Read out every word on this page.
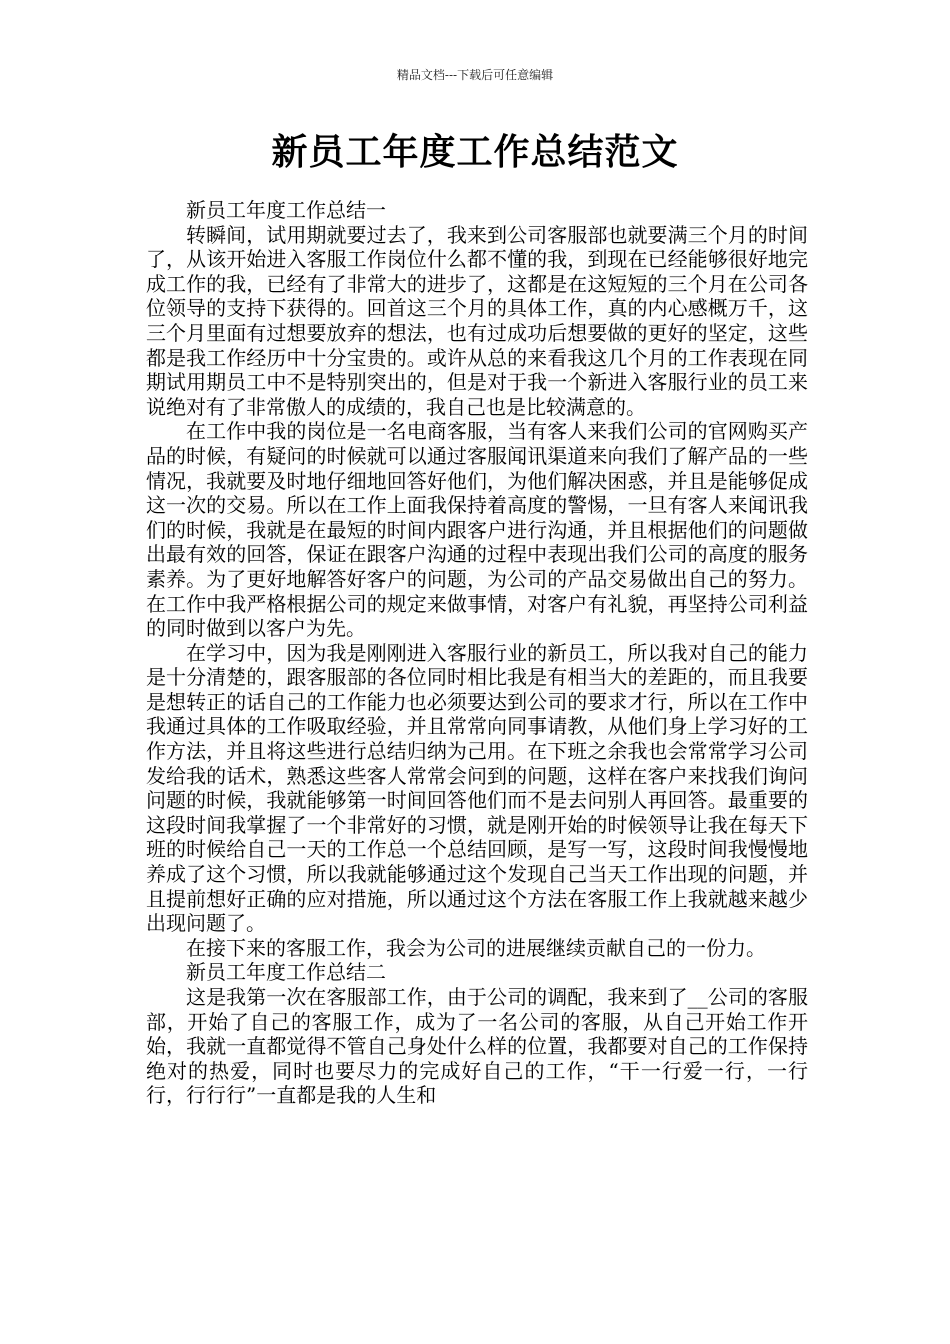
精品文档---下载后可任意编辑
新员工年度工作总结范文

新员工年度工作总结一

转瞬间，试用期就要过去了，我来到公司客服部也就要满三个月的时间了，从该开始进入客服工作岗位什么都不懂的我，到现在已经能够很好地完成工作的我，已经有了非常大的进步了，这都是在这短短的三个月在公司各位领导的支持下获得的。回首这三个月的具体工作，真的内心感概万千，这三个月里面有过想要放弃的想法，也有过成功后想要做的更好的坚定，这些都是我工作经历中十分宝贵的。或许从总的来看我这几个月的工作表现在同期试用期员工中不是特别突出的，但是对于我一个新进入客服行业的员工来说绝对有了非常傲人的成绩的，我自己也是比较满意的。

在工作中我的岗位是一名电商客服，当有客人来我们公司的官网购买产品的时候，有疑问的时候就可以通过客服闻讯渠道来向我们了解产品的一些情况，我就要及时地仔细地回答好他们，为他们解决困惑，并且是能够促成这一次的交易。所以在工作上面我保持着高度的警惕，一旦有客人来闻讯我们的时候，我就是在最短的时间内跟客户进行沟通，并且根据他们的问题做出最有效的回答，保证在跟客户沟通的过程中表现出我们公司的高度的服务素养。为了更好地解答好客户的问题，为公司的产品交易做出自己的努力。在工作中我严格根据公司的规定来做事情，对客户有礼貌，再坚持公司利益的同时做到以客户为先。

在学习中，因为我是刚刚进入客服行业的新员工，所以我对自己的能力是十分清楚的，跟客服部的各位同时相比我是有相当大的差距的，而且我要是想转正的话自己的工作能力也必须要达到公司的要求才行，所以在工作中我通过具体的工作吸取经验，并且常常向同事请教，从他们身上学习好的工作方法，并且将这些进行总结归纳为己用。在下班之余我也会常常学习公司发给我的话术，熟悉这些客人常常会问到的问题，这样在客户来找我们询问问题的时候，我就能够第一时间回答他们而不是去问别人再回答。最重要的这段时间我掌握了一个非常好的习惯，就是刚开始的时候领导让我在每天下班的时候给自己一天的工作总一个总结回顾，是写一写，这段时间我慢慢地养成了这个习惯，所以我就能够通过这个发现自己当天工作出现的问题，并且提前想好正确的应对措施，所以通过这个方法在客服工作上我就越来越少出现问题了。

在接下来的客服工作，我会为公司的进展继续贡献自己的一份力。

新员工年度工作总结二

这是我第一次在客服部工作，由于公司的调配，我来到了__公司的客服部，开始了自己的客服工作，成为了一名公司的客服，从自己开始工作开始，我就一直都觉得不管自己身处什么样的位置，我都要对自己的工作保持绝对的热爱，同时也要尽力的完成好自己的工作，“干一行爱一行，一行行，行行行”一直都是我的人生和
